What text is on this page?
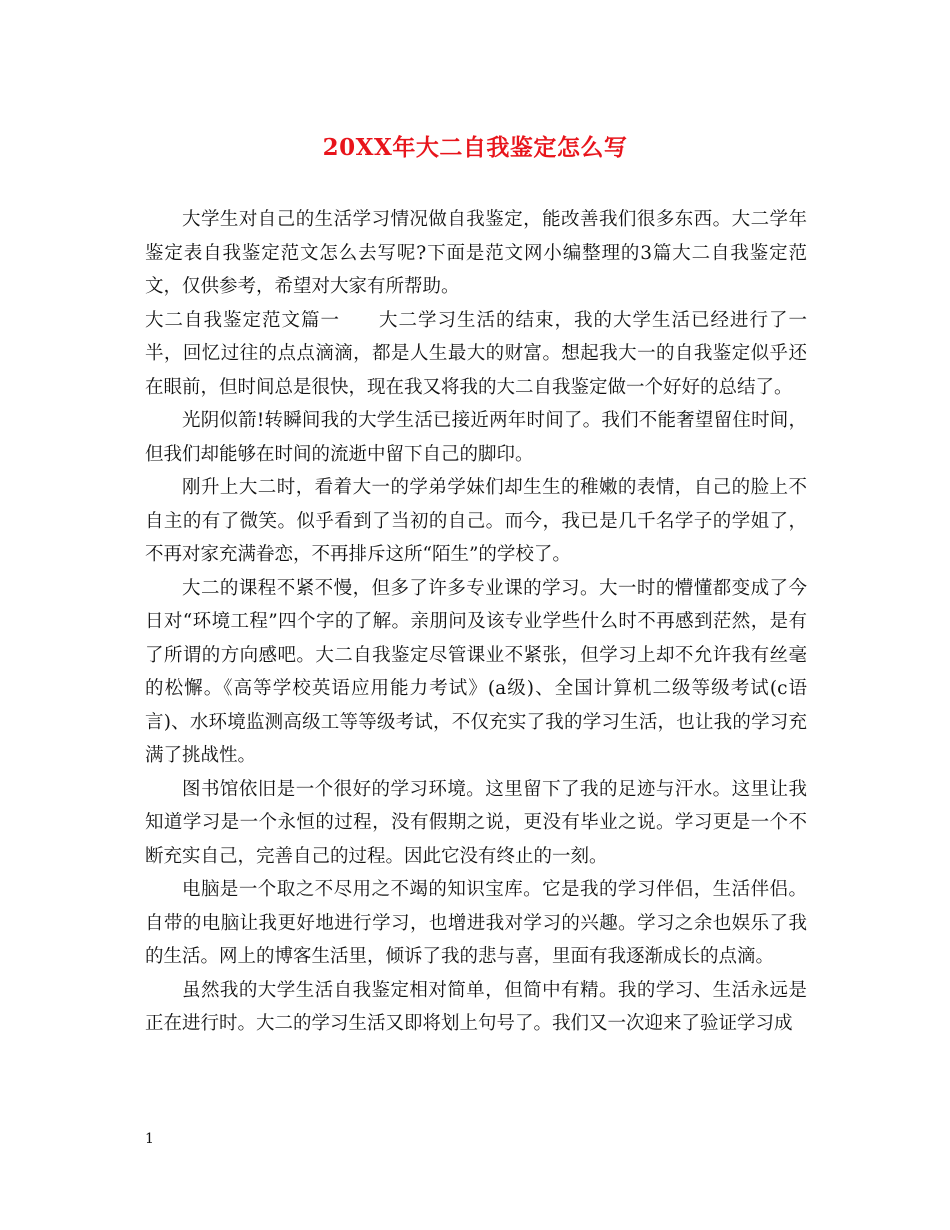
20XX年大二自我鉴定怎么写

大学生对自己的生活学习情况做自我鉴定，能改善我们很多东西。大二学年鉴定表自我鉴定范文怎么去写呢?下面是范文网小编整理的3篇大二自我鉴定范文，仅供参考，希望对大家有所帮助。

大二自我鉴定范文篇一　　大二学习生活的结束，我的大学生活已经进行了一半，回忆过往的点点滴滴，都是人生最大的财富。想起我大一的自我鉴定似乎还在眼前，但时间总是很快，现在我又将我的大二自我鉴定做一个好好的总结了。

光阴似箭!转瞬间我的大学生活已接近两年时间了。我们不能奢望留住时间，但我们却能够在时间的流逝中留下自己的脚印。

刚升上大二时，看着大一的学弟学妹们却生生的稚嫩的表情，自己的脸上不自主的有了微笑。似乎看到了当初的自己。而今，我已是几千名学子的学姐了，不再对家充满眷恋，不再排斥这所“陌生”的学校了。

大二的课程不紧不慢，但多了许多专业课的学习。大一时的懵懂都变成了今日对“环境工程”四个字的了解。亲朋问及该专业学些什么时不再感到茫然，是有了所谓的方向感吧。大二自我鉴定尽管课业不紧张，但学习上却不允许我有丝毫的松懈。《高等学校英语应用能力考试》(a级)、全国计算机二级等级考试(c语言)、水环境监测高级工等等级考试，不仅充实了我的学习生活，也让我的学习充满了挑战性。

图书馆依旧是一个很好的学习环境。这里留下了我的足迹与汗水。这里让我知道学习是一个永恒的过程，没有假期之说，更没有毕业之说。学习更是一个不断充实自己，完善自己的过程。因此它没有终止的一刻。

电脑是一个取之不尽用之不竭的知识宝库。它是我的学习伴侣，生活伴侣。自带的电脑让我更好地进行学习，也增进我对学习的兴趣。学习之余也娱乐了我的生活。网上的博客生活里，倾诉了我的悲与喜，里面有我逐渐成长的点滴。

虽然我的大学生活自我鉴定相对简单，但简中有精。我的学习、生活永远是正在进行时。大二的学习生活又即将划上句号了。我们又一次迎来了验证学习成

1
